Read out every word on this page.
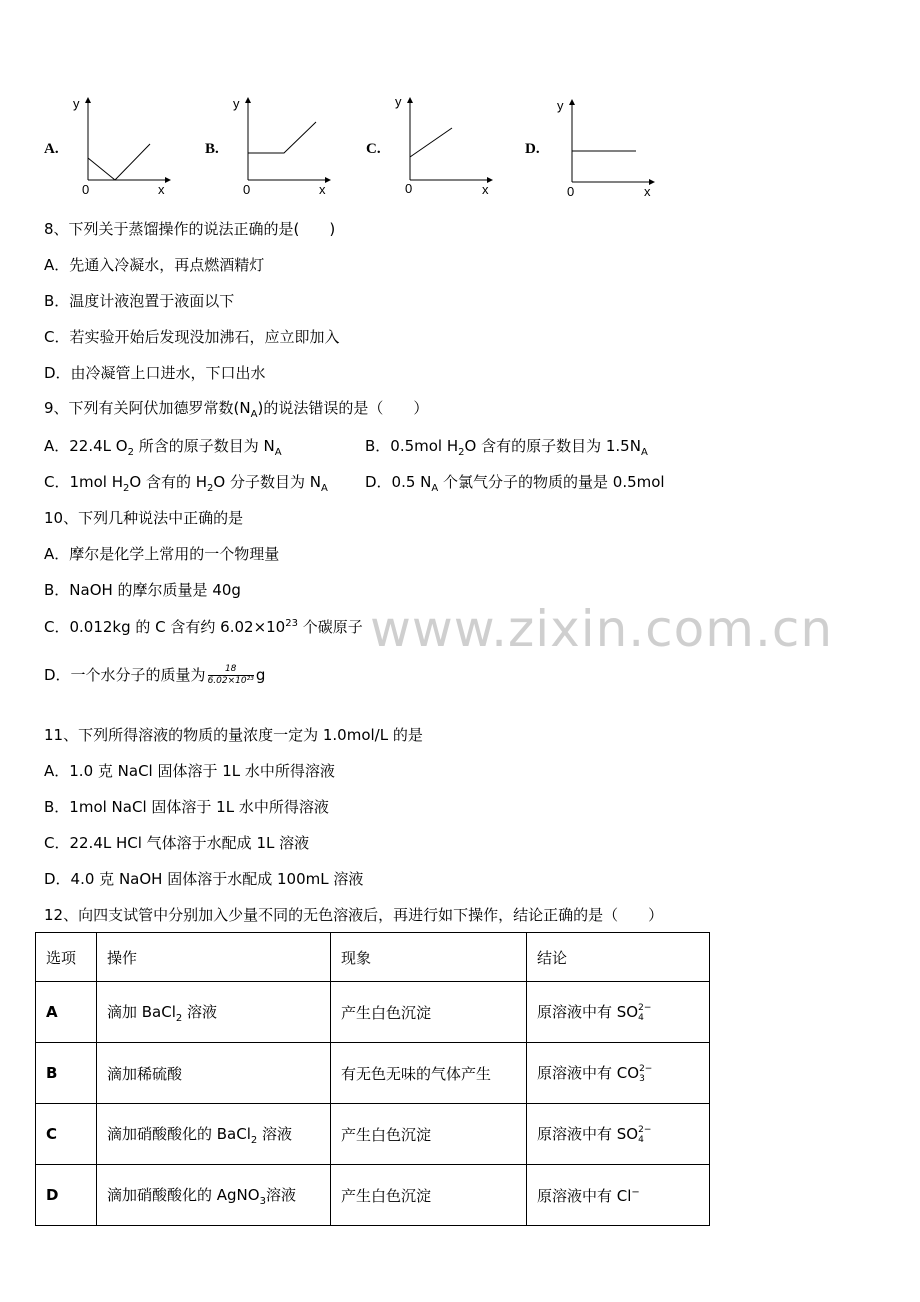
A.	B.	C.	D.
y
x
0
y
x
0
y
x
0
y
x
0
8、下列关于蒸馏操作的说法正确的是(　　)
A．先通入冷凝水，再点燃酒精灯
B．温度计液泡置于液面以下
C．若实验开始后发现没加沸石，应立即加入
D．由冷凝管上口进水，下口出水
9、下列有关阿伏加德罗常数$(N_A)$的说法错误的是（　　）
A．22.4L $O_2$ 所含的原子数目为 $N_A$	B．0.5mol $H_2O$ 含有的原子数目为 $1.5N_A$
C．1mol $H_2O$ 含有的 $H_2O$ 分子数目为 $N_A$ D．0.5 $N_A$ 个氯气分子的物质的量是 0.5mol
10、下列几种说法中正确的是
A．摩尔是化学上常用的一个物理量
B．NaOH 的摩尔质量是 40g
C．0.012kg 的 C 含有约 $6.02\times 10^{23}$ 个碳原子
D．一个水分子的质量为 $\frac{18}{\text{6.02×10²³}}$ g
11、下列所得溶液的物质的量浓度一定为 1.0mol/L 的是
A．1.0 克 NaCl 固体溶于 1L 水中所得溶液
B．1mol NaCl 固体溶于 1L 水中所得溶液
C．22.4L HCl 气体溶于水配成 1L 溶液
D．4.0 克 NaOH 固体溶于水配成 100mL 溶液
12、向四支试管中分别加入少量不同的无色溶液后，再进行如下操作，结论正确的是（　　）
选项	操作	现象	结论
A	滴加 BaCl$_2$ 溶液	产生白色沉淀	原溶液中有 SO 2−
4

B	滴加稀硫酸	有无色无味的气体产生	原溶液中有 CO 2−
3

C	滴加硝酸酸化的 BaCl$_2$ 溶液	产生白色沉淀	原溶液中有 SO 2−
4

D	滴加硝酸酸化的 AgNO$_3$溶液	产生白色沉淀	原溶液中有 Cl−
www.zixin.com.cn
